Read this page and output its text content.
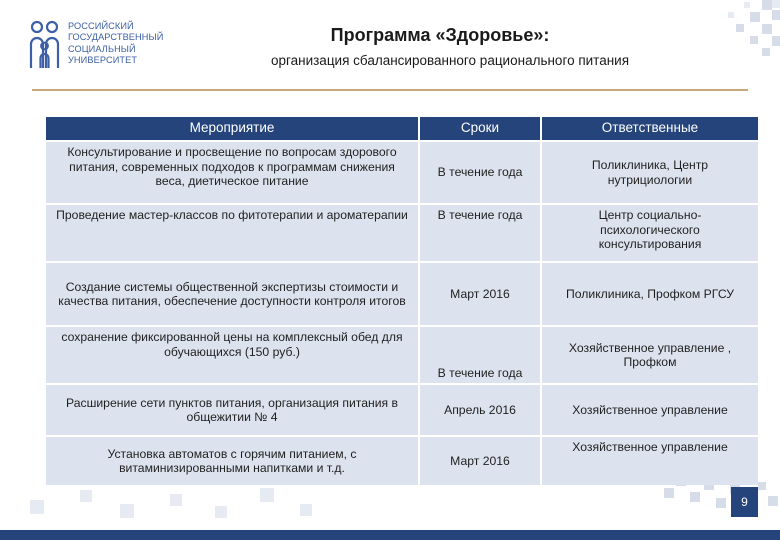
РОССИЙСКИЙ
ГОСУДАРСТВЕННЫЙ
СОЦИАЛЬНЫЙ
УНИВЕРСИТЕТ
Программа «Здоровье»:
организация сбалансированного рационального питания
Мероприятие	Сроки	Ответственные
Консультирование и просвещение по вопросам здорового питания, современных подходов к программам снижения веса, диетическое питание	В течение года	Поликлиника, Центр нутрициологии
Проведение мастер-классов по фитотерапии и ароматерапии	В течение года	Центр социально-психологического консультирования
Создание системы общественной экспертизы стоимости и качества питания, обеспечение доступности контроля итогов	Март 2016	Поликлиника, Профком РГСУ
сохранение фиксированной цены на комплексный обед для обучающихся (150 руб.)	В течение года	Хозяйственное управление , Профком
Расширение сети пунктов питания, организация питания в общежитии № 4	Апрель 2016	Хозяйственное управление
Установка автоматов с горячим питанием, с витаминизированными напитками и т.д.	Март 2016	Хозяйственное управление
9
